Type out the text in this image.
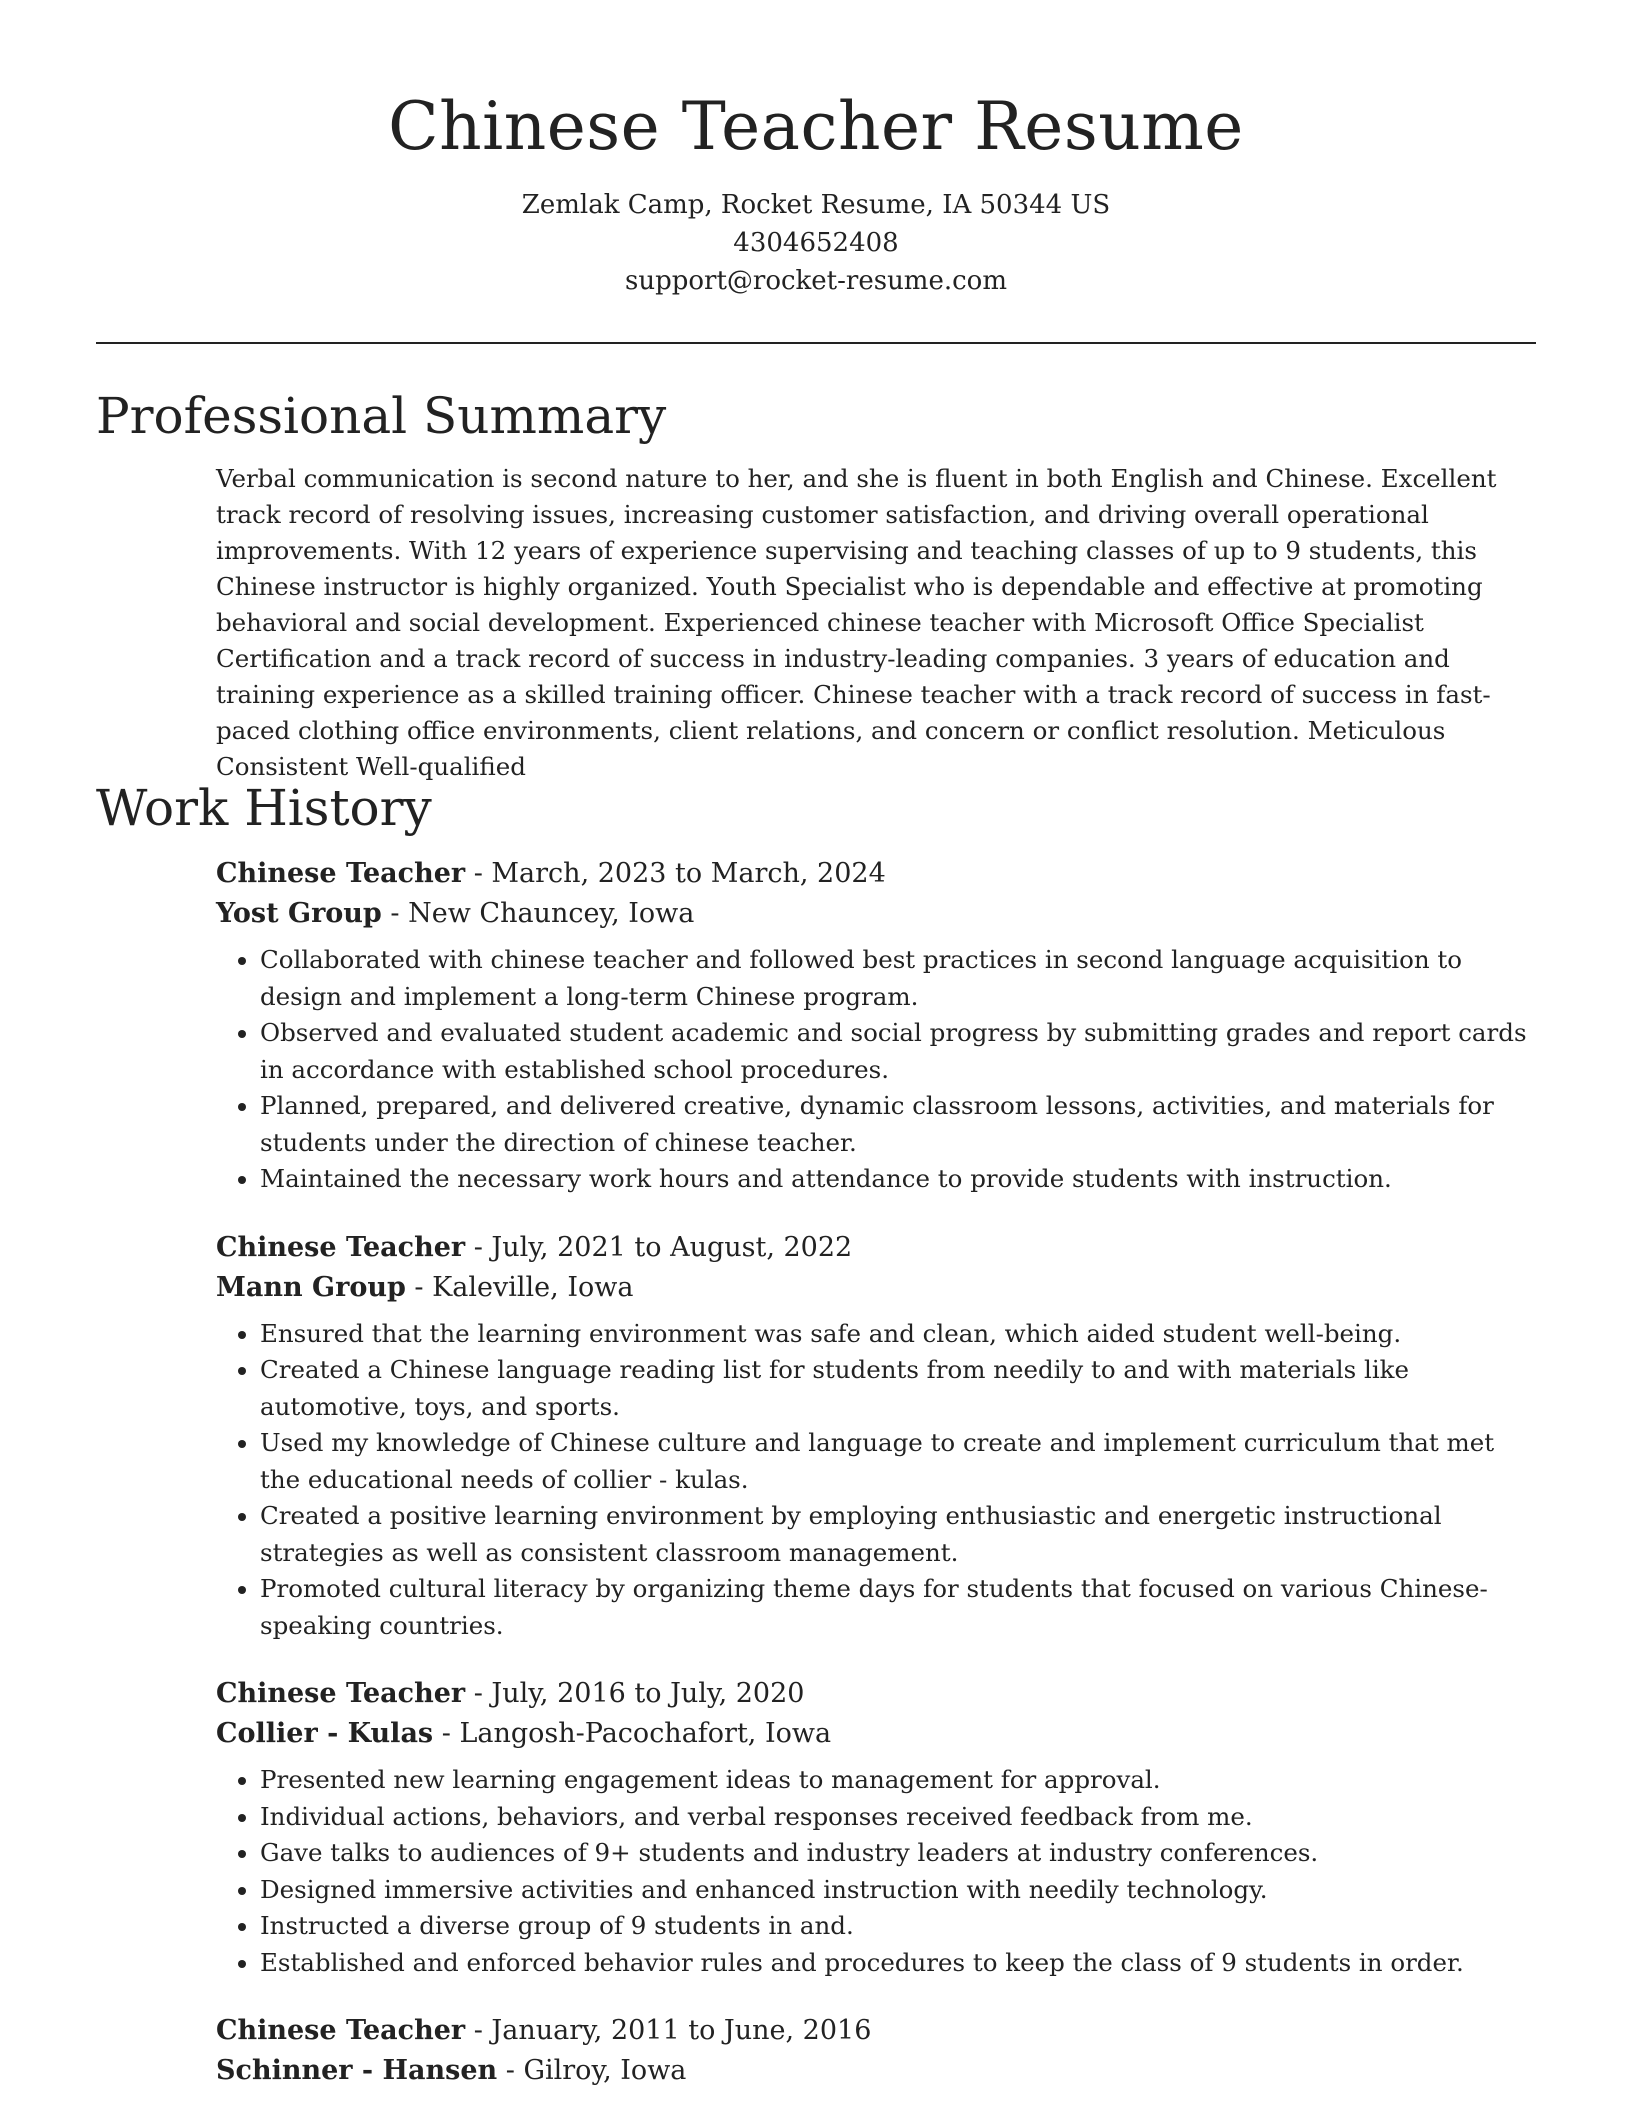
Chinese Teacher Resume
Zemlak Camp, Rocket Resume, IA 50344 US
4304652408
support@rocket-resume.com
Professional Summary

Verbal communication is second nature to her, and she is fluent in both English and Chinese. Excellent track record of resolving issues, increasing customer satisfaction, and driving overall operational improvements. With 12 years of experience supervising and teaching classes of up to 9 students, this Chinese instructor is highly organized. Youth Specialist who is dependable and effective at promoting behavioral and social development. Experienced chinese teacher with Microsoft Office Specialist Certification and a track record of success in industry-leading companies. 3 years of education and training experience as a skilled training officer. Chinese teacher with a track record of success in fast-paced clothing office environments, client relations, and concern or conflict resolution. Meticulous Consistent Well-qualified

Work History

Chinese Teacher - March, 2023 to March, 2024

Yost Group - New Chauncey, Iowa

• Collaborated with chinese teacher and followed best practices in second language acquisition to design and implement a long-term Chinese program.
• Observed and evaluated student academic and social progress by submitting grades and report cards in accordance with established school procedures.
• Planned, prepared, and delivered creative, dynamic classroom lessons, activities, and materials for students under the direction of chinese teacher.
• Maintained the necessary work hours and attendance to provide students with instruction.

Chinese Teacher - July, 2021 to August, 2022

Mann Group - Kaleville, Iowa

• Ensured that the learning environment was safe and clean, which aided student well-being.
• Created a Chinese language reading list for students from needily to and with materials like automotive, toys, and sports.
• Used my knowledge of Chinese culture and language to create and implement curriculum that met the educational needs of collier - kulas.
• Created a positive learning environment by employing enthusiastic and energetic instructional strategies as well as consistent classroom management.
• Promoted cultural literacy by organizing theme days for students that focused on various Chinese-speaking countries.

Chinese Teacher - July, 2016 to July, 2020

Collier - Kulas - Langosh-Pacochafort, Iowa

• Presented new learning engagement ideas to management for approval.
• Individual actions, behaviors, and verbal responses received feedback from me.
• Gave talks to audiences of 9+ students and industry leaders at industry conferences.
• Designed immersive activities and enhanced instruction with needily technology.
• Instructed a diverse group of 9 students in and.
• Established and enforced behavior rules and procedures to keep the class of 9 students in order.

Chinese Teacher - January, 2011 to June, 2016

Schinner - Hansen - Gilroy, Iowa
